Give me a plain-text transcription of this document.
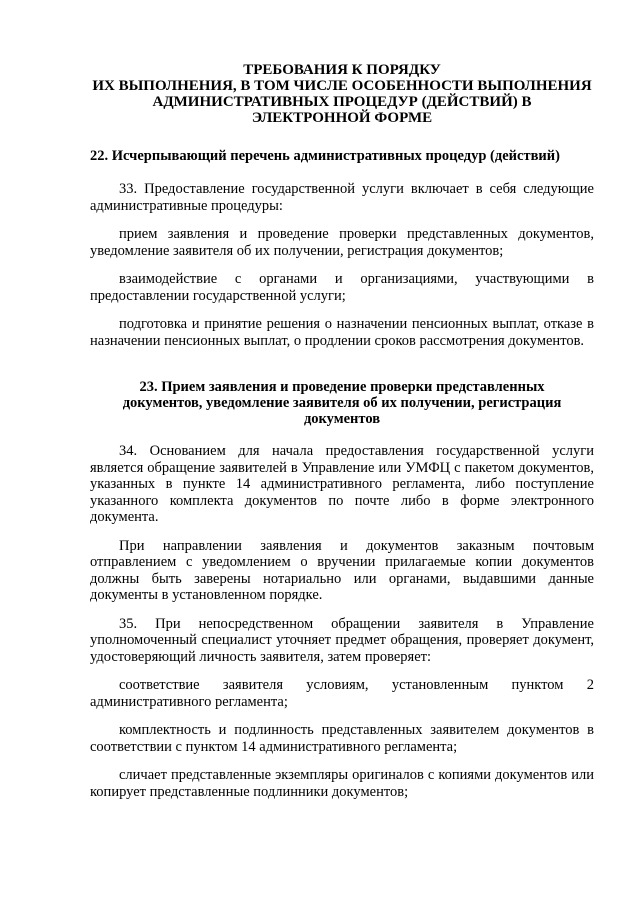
ТРЕБОВАНИЯ К ПОРЯДКУ
ИХ ВЫПОЛНЕНИЯ, В ТОМ ЧИСЛЕ ОСОБЕННОСТИ ВЫПОЛНЕНИЯ
АДМИНИСТРАТИВНЫХ ПРОЦЕДУР (ДЕЙСТВИЙ) В
ЭЛЕКТРОННОЙ ФОРМЕ
22. Исчерпывающий перечень административных процедур (действий)

33. Предоставление государственной услуги включает в себя следующие административные процедуры:

прием заявления и проведение проверки представленных документов, уведомление заявителя об их получении, регистрация документов;

взаимодействие с органами и организациями, участвующими в предоставлении государственной услуги;

подготовка и принятие решения о назначении пенсионных выплат, отказе в назначении пенсионных выплат, о продлении сроков рассмотрения документов.

23. Прием заявления и проведение проверки представленных
документов, уведомление заявителя об их получении, регистрация
документов

34. Основанием для начала предоставления государственной услуги является обращение заявителей в Управление или УМФЦ с пакетом документов, указанных в пункте 14 административного регламента, либо поступление указанного комплекта документов по почте либо в форме электронного документа.

При направлении заявления и документов заказным почтовым отправлением с уведомлением о вручении прилагаемые копии документов должны быть заверены нотариально или органами, выдавшими данные документы в установленном порядке.

35. При непосредственном обращении заявителя в Управление уполномоченный специалист уточняет предмет обращения, проверяет документ, удостоверяющий личность заявителя, затем проверяет:

соответствие заявителя условиям, установленным пунктом 2 административного регламента;

комплектность и подлинность представленных заявителем документов в соответствии с пунктом 14 административного регламента;

сличает представленные экземпляры оригиналов с копиями документов или копирует представленные подлинники документов;
